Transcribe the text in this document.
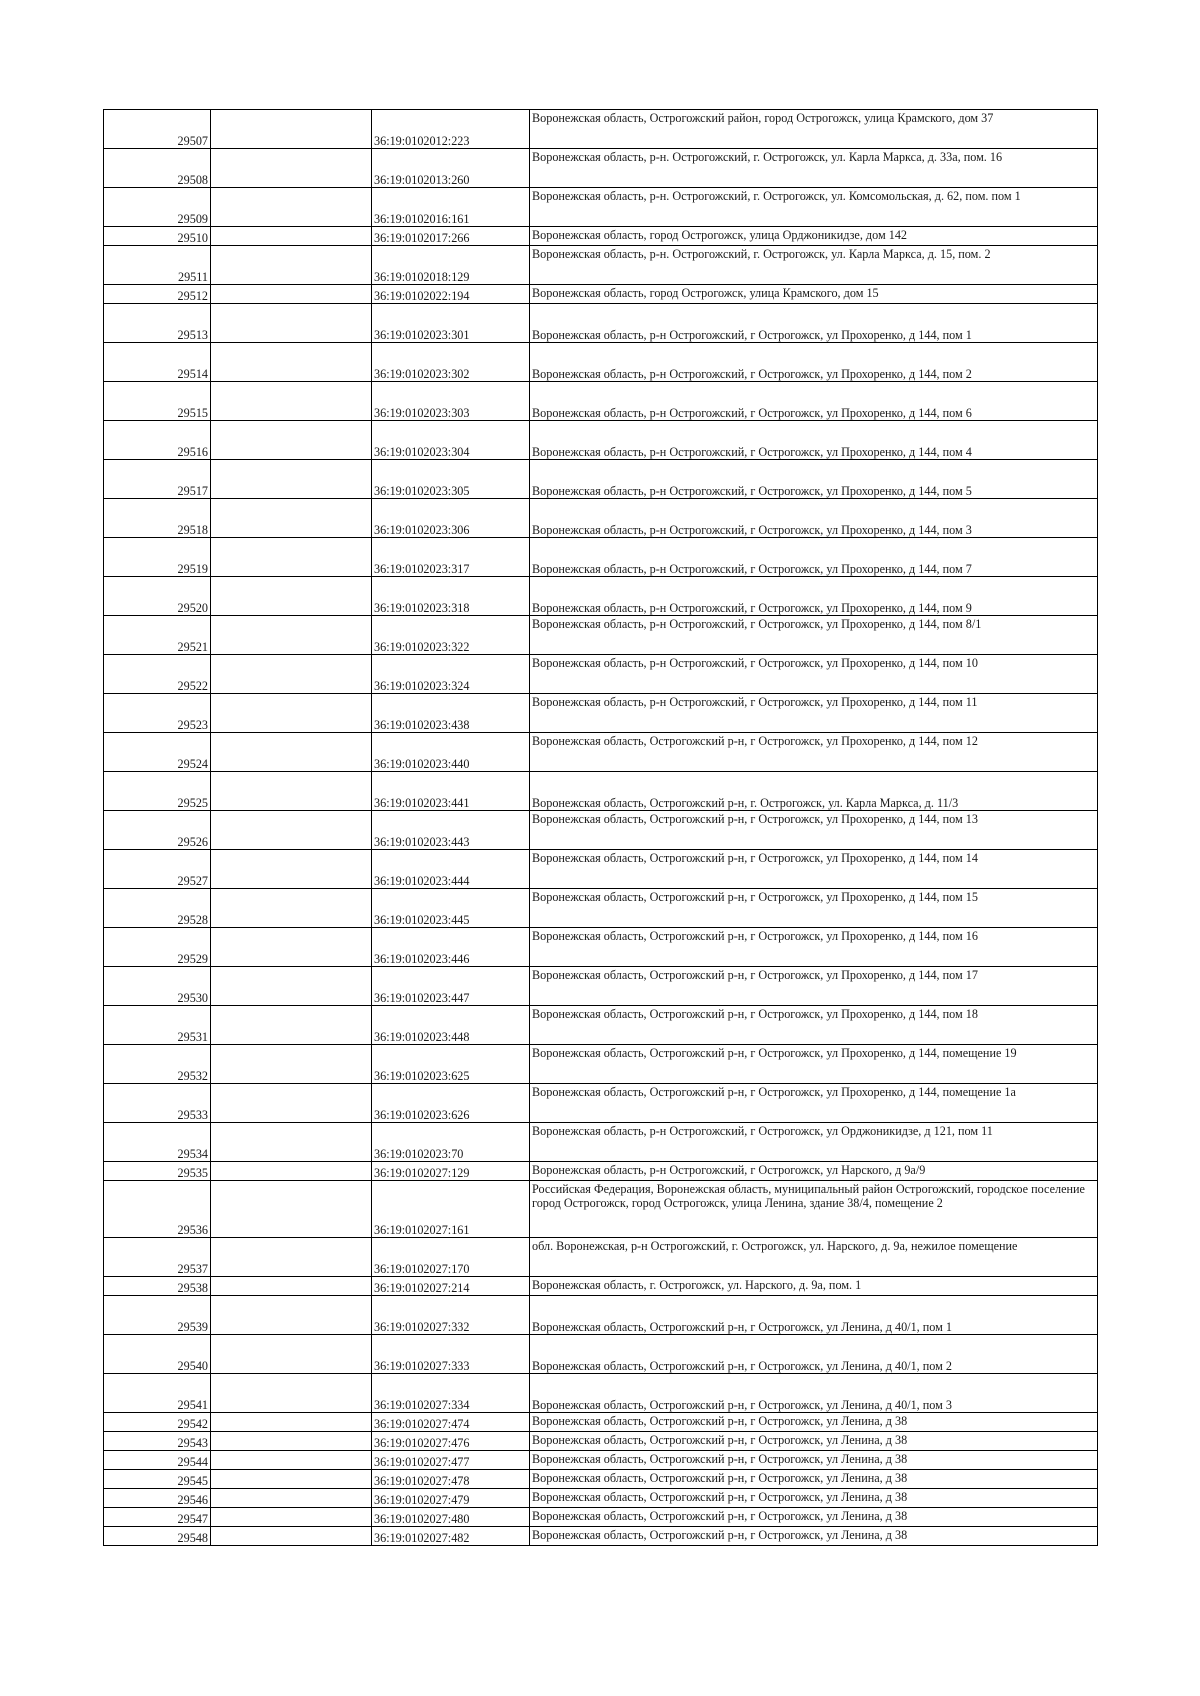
29507		36:19:0102012:223	Воронежская область, Острогожский район, город Острогожск, улица Крамского, дом 37
29508		36:19:0102013:260	Воронежская область, р-н. Острогожский, г. Острогожск, ул. Карла Маркса, д. 33а, пом. 16
29509		36:19:0102016:161	Воронежская область, р-н. Острогожский, г. Острогожск, ул. Комсомольская, д. 62, пом. пом 1
29510		36:19:0102017:266	Воронежская область, город Острогожск, улица Орджоникидзе, дом 142
29511		36:19:0102018:129	Воронежская область, р-н. Острогожский, г. Острогожск, ул. Карла Маркса, д. 15, пом. 2
29512		36:19:0102022:194	Воронежская область, город Острогожск, улица Крамского, дом 15
29513		36:19:0102023:301	Воронежская область, р-н Острогожский, г Острогожск, ул Прохоренко, д 144, пом 1
29514		36:19:0102023:302	Воронежская область, р-н Острогожский, г Острогожск, ул Прохоренко, д 144, пом 2
29515		36:19:0102023:303	Воронежская область, р-н Острогожский, г Острогожск, ул Прохоренко, д 144, пом 6
29516		36:19:0102023:304	Воронежская область, р-н Острогожский, г Острогожск, ул Прохоренко, д 144, пом 4
29517		36:19:0102023:305	Воронежская область, р-н Острогожский, г Острогожск, ул Прохоренко, д 144, пом 5
29518		36:19:0102023:306	Воронежская область, р-н Острогожский, г Острогожск, ул Прохоренко, д 144, пом 3
29519		36:19:0102023:317	Воронежская область, р-н Острогожский, г Острогожск, ул Прохоренко, д 144, пом 7
29520		36:19:0102023:318	Воронежская область, р-н Острогожский, г Острогожск, ул Прохоренко, д 144, пом 9
29521		36:19:0102023:322	Воронежская область, р-н Острогожский, г Острогожск, ул Прохоренко, д 144, пом 8/1
29522		36:19:0102023:324	Воронежская область, р-н Острогожский, г Острогожск, ул Прохоренко, д 144, пом 10
29523		36:19:0102023:438	Воронежская область, р-н Острогожский, г Острогожск, ул Прохоренко, д 144, пом 11
29524		36:19:0102023:440	Воронежская область, Острогожский р-н, г Острогожск, ул Прохоренко, д 144, пом 12
29525		36:19:0102023:441	Воронежская область, Острогожский р-н, г. Острогожск, ул. Карла Маркса, д. 11/3
29526		36:19:0102023:443	Воронежская область, Острогожский р-н, г Острогожск, ул Прохоренко, д 144, пом 13
29527		36:19:0102023:444	Воронежская область, Острогожский р-н, г Острогожск, ул Прохоренко, д 144, пом 14
29528		36:19:0102023:445	Воронежская область, Острогожский р-н, г Острогожск, ул Прохоренко, д 144, пом 15
29529		36:19:0102023:446	Воронежская область, Острогожский р-н, г Острогожск, ул Прохоренко, д 144, пом 16
29530		36:19:0102023:447	Воронежская область, Острогожский р-н, г Острогожск, ул Прохоренко, д 144, пом 17
29531		36:19:0102023:448	Воронежская область, Острогожский р-н, г Острогожск, ул Прохоренко, д 144, пом 18
29532		36:19:0102023:625	Воронежская область, Острогожский р-н, г Острогожск, ул Прохоренко, д 144, помещение 19
29533		36:19:0102023:626	Воронежская область, Острогожский р-н, г Острогожск, ул Прохоренко, д 144, помещение 1а
29534		36:19:0102023:70	Воронежская область, р-н Острогожский, г Острогожск, ул Орджоникидзе, д 121, пом 11
29535		36:19:0102027:129	Воронежская область, р-н Острогожский, г Острогожск, ул Нарского, д 9а/9
29536		36:19:0102027:161	Российская Федерация, Воронежская область, муниципальный район Острогожский, городское поселение город Острогожск, город Острогожск, улица Ленина, здание 38/4, помещение 2
29537		36:19:0102027:170	обл. Воронежская, р-н Острогожский, г. Острогожск, ул. Нарского, д. 9а, нежилое помещение
29538		36:19:0102027:214	Воронежская область, г. Острогожск, ул. Нарского, д. 9а, пом. 1
29539		36:19:0102027:332	Воронежская область, Острогожский р-н, г Острогожск, ул Ленина, д 40/1, пом 1
29540		36:19:0102027:333	Воронежская область, Острогожский р-н, г Острогожск, ул Ленина, д 40/1, пом 2
29541		36:19:0102027:334	Воронежская область, Острогожский р-н, г Острогожск, ул Ленина, д 40/1, пом 3
29542		36:19:0102027:474	Воронежская область, Острогожский р-н, г Острогожск, ул Ленина, д 38
29543		36:19:0102027:476	Воронежская область, Острогожский р-н, г Острогожск, ул Ленина, д 38
29544		36:19:0102027:477	Воронежская область, Острогожский р-н, г Острогожск, ул Ленина, д 38
29545		36:19:0102027:478	Воронежская область, Острогожский р-н, г Острогожск, ул Ленина, д 38
29546		36:19:0102027:479	Воронежская область, Острогожский р-н, г Острогожск, ул Ленина, д 38
29547		36:19:0102027:480	Воронежская область, Острогожский р-н, г Острогожск, ул Ленина, д 38
29548		36:19:0102027:482	Воронежская область, Острогожский р-н, г Острогожск, ул Ленина, д 38
